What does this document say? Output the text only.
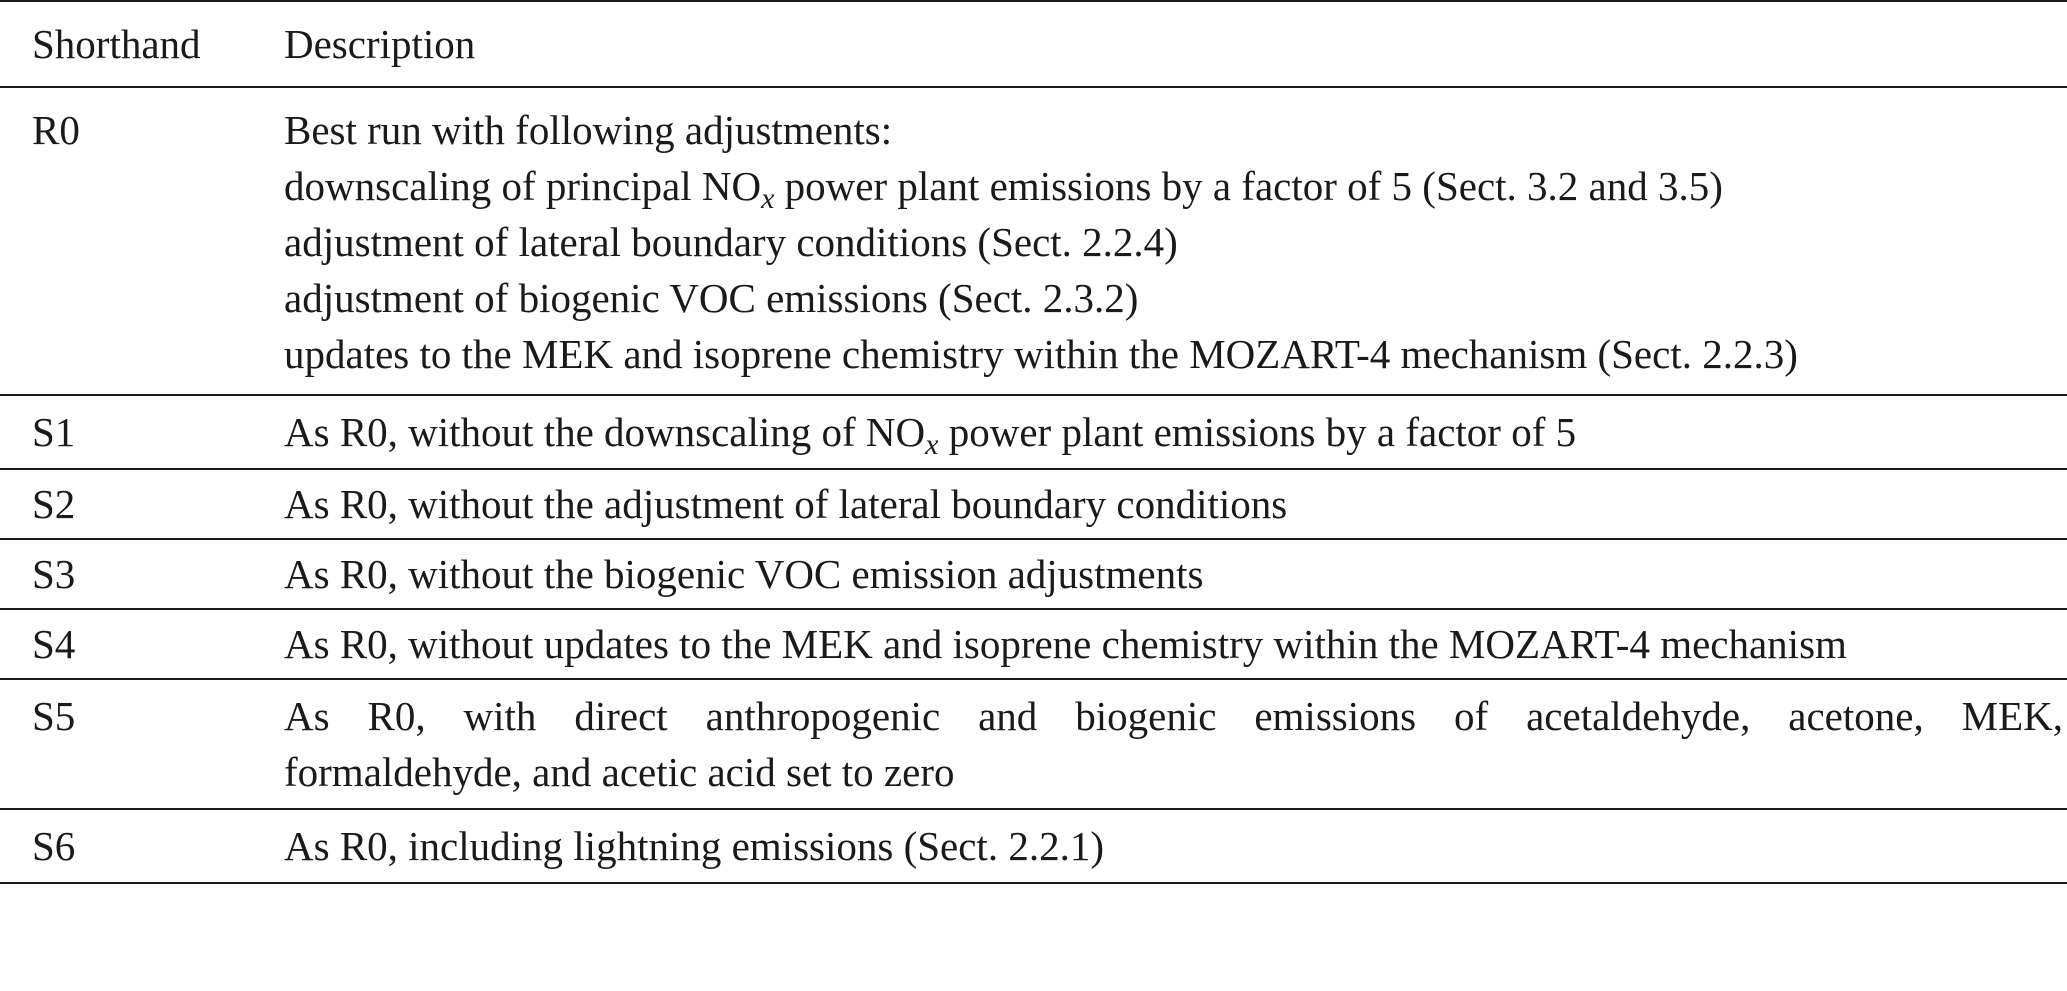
Shorthand	Description
R0	Best run with following adjustments:
downscaling of principal $NO_x$ power plant emissions by a factor of 5 (Sect. 3.2 and 3.5)
adjustment of lateral boundary conditions (Sect. 2.2.4)
adjustment of biogenic VOC emissions (Sect. 2.3.2)
updates to the MEK and isoprene chemistry within the MOZART-4 mechanism (Sect. 2.2.3)
S1	As R0, without the downscaling of $NO_x$ power plant emissions by a factor of 5
S2	As R0, without the adjustment of lateral boundary conditions
S3	As R0, without the biogenic VOC emission adjustments
S4	As R0, without updates to the MEK and isoprene chemistry within the MOZART-4 mechanism
S5	As R0, with direct anthropogenic and biogenic emissions of acetaldehyde, acetone, MEK,
formaldehyde, and acetic acid set to zero
S6	As R0, including lightning emissions (Sect. 2.2.1)
